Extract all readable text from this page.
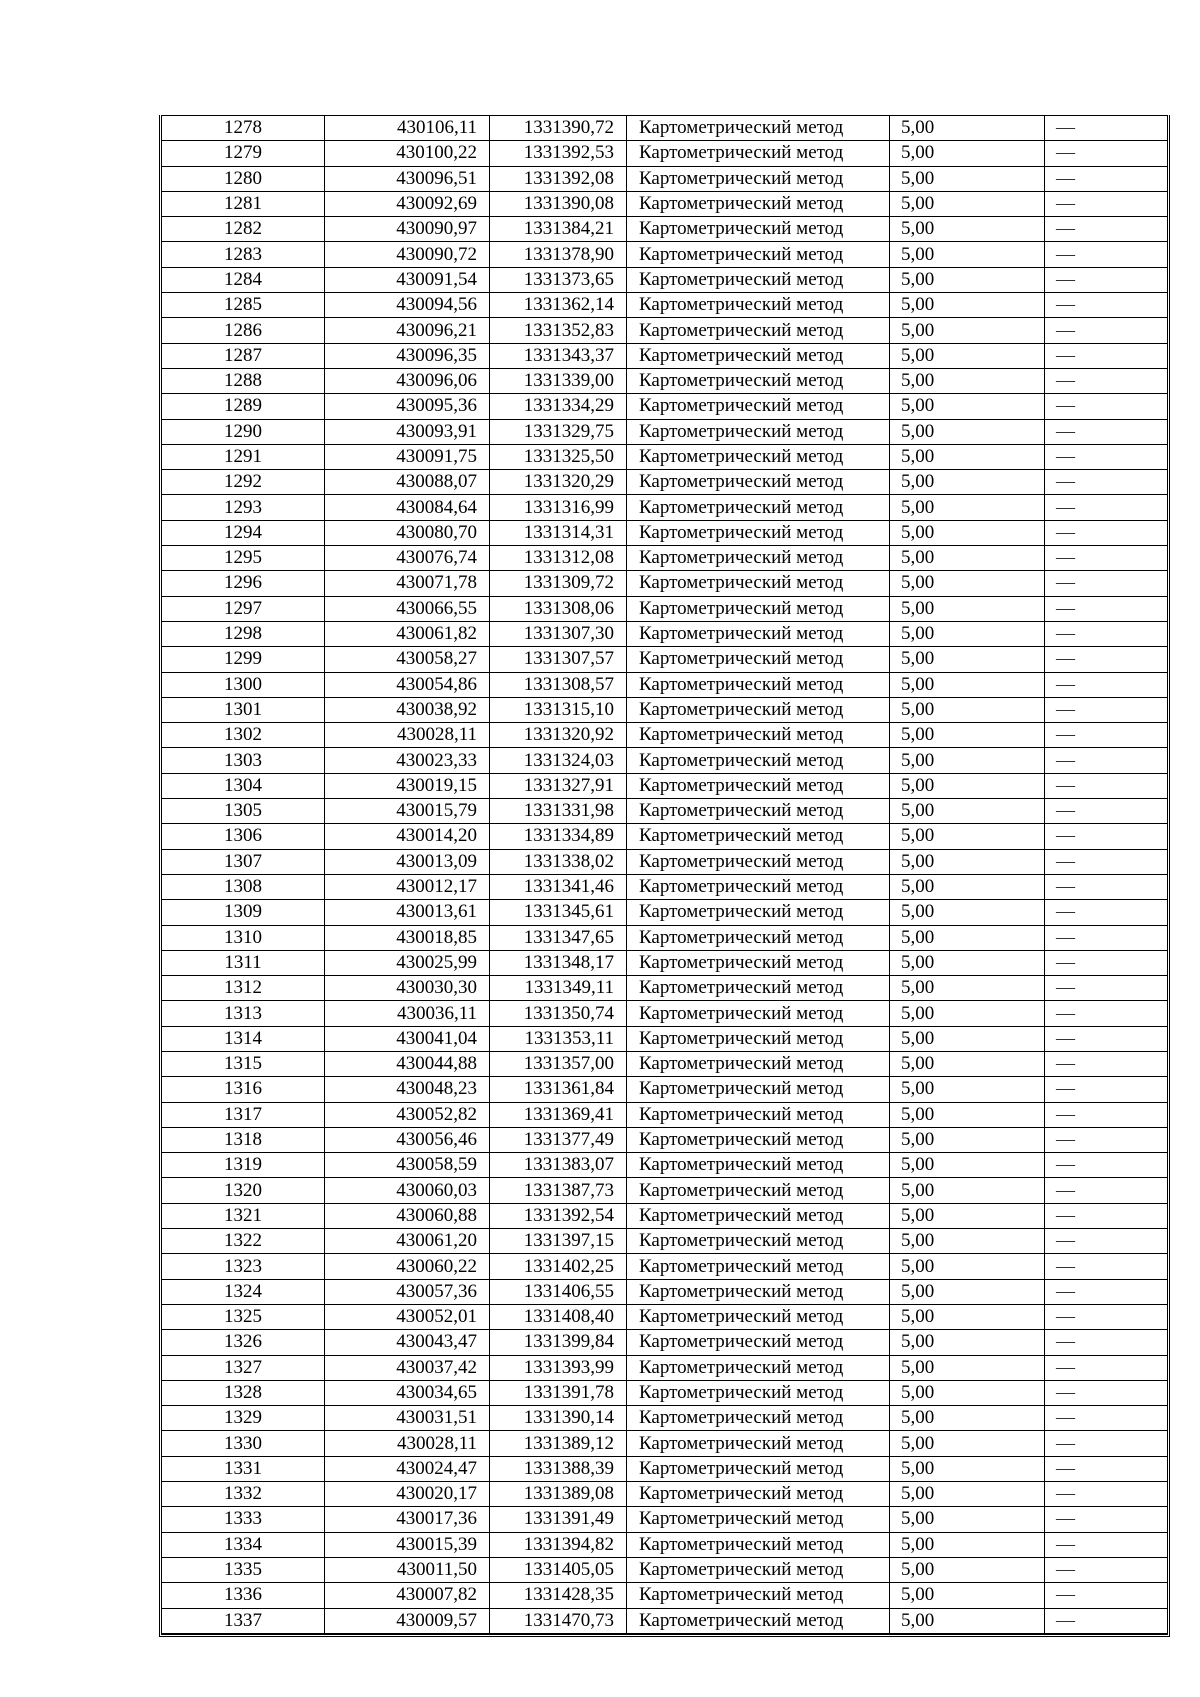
1278	430106,11	1331390,72	Картометрический метод	5,00	—
1279	430100,22	1331392,53	Картометрический метод	5,00	—
1280	430096,51	1331392,08	Картометрический метод	5,00	—
1281	430092,69	1331390,08	Картометрический метод	5,00	—
1282	430090,97	1331384,21	Картометрический метод	5,00	—
1283	430090,72	1331378,90	Картометрический метод	5,00	—
1284	430091,54	1331373,65	Картометрический метод	5,00	—
1285	430094,56	1331362,14	Картометрический метод	5,00	—
1286	430096,21	1331352,83	Картометрический метод	5,00	—
1287	430096,35	1331343,37	Картометрический метод	5,00	—
1288	430096,06	1331339,00	Картометрический метод	5,00	—
1289	430095,36	1331334,29	Картометрический метод	5,00	—
1290	430093,91	1331329,75	Картометрический метод	5,00	—
1291	430091,75	1331325,50	Картометрический метод	5,00	—
1292	430088,07	1331320,29	Картометрический метод	5,00	—
1293	430084,64	1331316,99	Картометрический метод	5,00	—
1294	430080,70	1331314,31	Картометрический метод	5,00	—
1295	430076,74	1331312,08	Картометрический метод	5,00	—
1296	430071,78	1331309,72	Картометрический метод	5,00	—
1297	430066,55	1331308,06	Картометрический метод	5,00	—
1298	430061,82	1331307,30	Картометрический метод	5,00	—
1299	430058,27	1331307,57	Картометрический метод	5,00	—
1300	430054,86	1331308,57	Картометрический метод	5,00	—
1301	430038,92	1331315,10	Картометрический метод	5,00	—
1302	430028,11	1331320,92	Картометрический метод	5,00	—
1303	430023,33	1331324,03	Картометрический метод	5,00	—
1304	430019,15	1331327,91	Картометрический метод	5,00	—
1305	430015,79	1331331,98	Картометрический метод	5,00	—
1306	430014,20	1331334,89	Картометрический метод	5,00	—
1307	430013,09	1331338,02	Картометрический метод	5,00	—
1308	430012,17	1331341,46	Картометрический метод	5,00	—
1309	430013,61	1331345,61	Картометрический метод	5,00	—
1310	430018,85	1331347,65	Картометрический метод	5,00	—
1311	430025,99	1331348,17	Картометрический метод	5,00	—
1312	430030,30	1331349,11	Картометрический метод	5,00	—
1313	430036,11	1331350,74	Картометрический метод	5,00	—
1314	430041,04	1331353,11	Картометрический метод	5,00	—
1315	430044,88	1331357,00	Картометрический метод	5,00	—
1316	430048,23	1331361,84	Картометрический метод	5,00	—
1317	430052,82	1331369,41	Картометрический метод	5,00	—
1318	430056,46	1331377,49	Картометрический метод	5,00	—
1319	430058,59	1331383,07	Картометрический метод	5,00	—
1320	430060,03	1331387,73	Картометрический метод	5,00	—
1321	430060,88	1331392,54	Картометрический метод	5,00	—
1322	430061,20	1331397,15	Картометрический метод	5,00	—
1323	430060,22	1331402,25	Картометрический метод	5,00	—
1324	430057,36	1331406,55	Картометрический метод	5,00	—
1325	430052,01	1331408,40	Картометрический метод	5,00	—
1326	430043,47	1331399,84	Картометрический метод	5,00	—
1327	430037,42	1331393,99	Картометрический метод	5,00	—
1328	430034,65	1331391,78	Картометрический метод	5,00	—
1329	430031,51	1331390,14	Картометрический метод	5,00	—
1330	430028,11	1331389,12	Картометрический метод	5,00	—
1331	430024,47	1331388,39	Картометрический метод	5,00	—
1332	430020,17	1331389,08	Картометрический метод	5,00	—
1333	430017,36	1331391,49	Картометрический метод	5,00	—
1334	430015,39	1331394,82	Картометрический метод	5,00	—
1335	430011,50	1331405,05	Картометрический метод	5,00	—
1336	430007,82	1331428,35	Картометрический метод	5,00	—
1337	430009,57	1331470,73	Картометрический метод	5,00	—
